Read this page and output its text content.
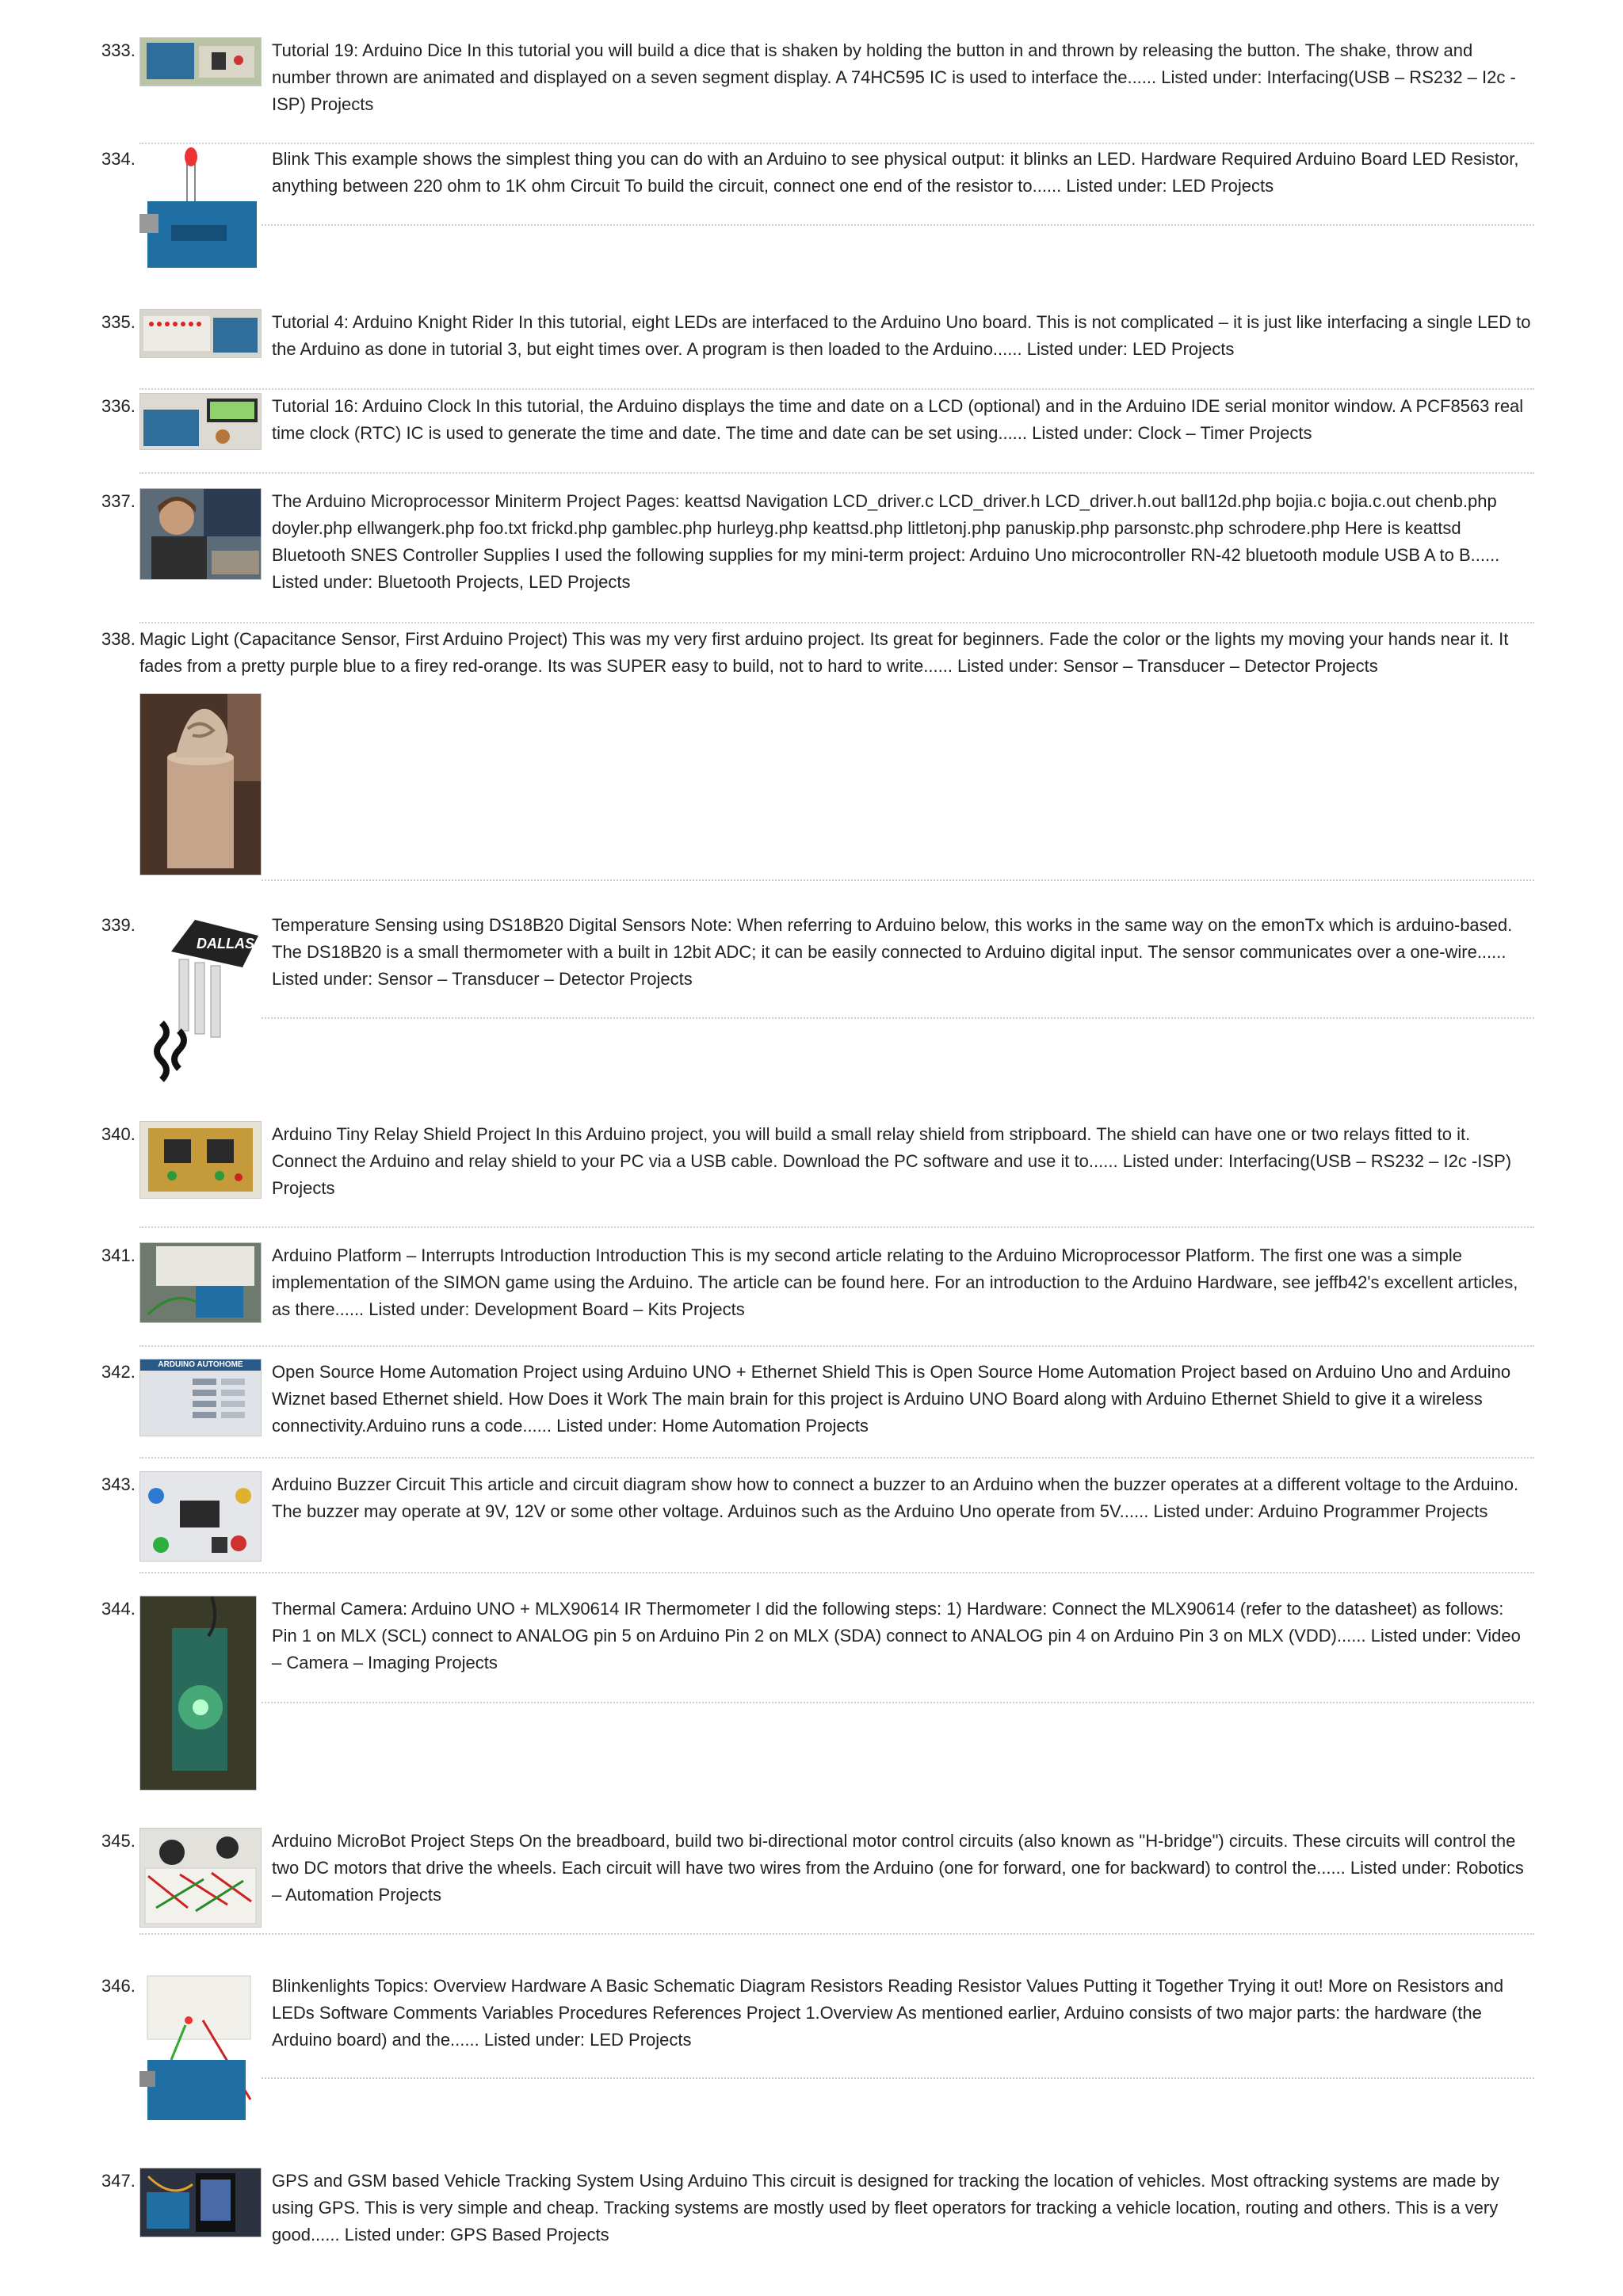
333.	Tutorial 19: Arduino Dice In this tutorial you will build a dice that is shaken by holding the button in and thrown by releasing the button. The shake, throw and number thrown are animated and displayed on a seven segment display. A 74HC595 IC is used to interface the...... Listed under: Interfacing(USB – RS232 – I2c -ISP) Projects
334.	Blink This example shows the simplest thing you can do with an Arduino to see physical output: it blinks an LED. Hardware Required Arduino Board LED Resistor, anything between 220 ohm to 1K ohm Circuit To build the circuit, connect one end of the resistor to...... Listed under: LED Projects
335.	Tutorial 4: Arduino Knight Rider In this tutorial, eight LEDs are interfaced to the Arduino Uno board. This is not complicated – it is just like interfacing a single LED to the Arduino as done in tutorial 3, but eight times over. A program is then loaded to the Arduino...... Listed under: LED Projects
336.	Tutorial 16: Arduino Clock In this tutorial, the Arduino displays the time and date on a LCD (optional) and in the Arduino IDE serial monitor window. A PCF8563 real time clock (RTC) IC is used to generate the time and date. The time and date can be set using...... Listed under: Clock – Timer Projects
337.	The Arduino Microprocessor Miniterm Project Pages: keattsd Navigation LCD_driver.c LCD_driver.h LCD_driver.h.out ball12d.php bojia.c bojia.c.out chenb.php doyler.php ellwangerk.php foo.txt frickd.php gamblec.php hurleyg.php keattsd.php littletonj.php panuskip.php parsonstc.php schrodere.php Here is keattsd Bluetooth SNES Controller Supplies I used the following supplies for my mini-term project: Arduino Uno microcontroller RN-42 bluetooth module USB A to B...... Listed under: Bluetooth Projects, LED Projects
338. Magic Light (Capacitance Sensor, First Arduino Project) This was my very first arduino project. Its great for beginners. Fade the color or the lights my moving your hands near it. It fades from a pretty purple blue to a firey red-orange. Its was SUPER easy to build, not to hard to write...... Listed under: Sensor – Transducer – Detector Projects
339.
DALLAS
Temperature Sensing using DS18B20 Digital Sensors Note: When referring to Arduino below, this works in the same way on the emonTx which is arduino-based. The DS18B20 is a small thermometer with a built in 12bit ADC; it can be easily connected to Arduino digital input. The sensor communicates over a one-wire...... Listed under: Sensor – Transducer – Detector Projects
340.	Arduino Tiny Relay Shield Project In this Arduino project, you will build a small relay shield from stripboard. The shield can have one or two relays fitted to it. Connect the Arduino and relay shield to your PC via a USB cable. Download the PC software and use it to...... Listed under: Interfacing(USB – RS232 – I2c -ISP) Projects
341.	Arduino Platform – Interrupts Introduction Introduction This is my second article relating to the Arduino Microprocessor Platform. The first one was a simple implementation of the SIMON game using the Arduino. The article can be found here. For an introduction to the Arduino Hardware, see jeffb42's excellent articles, as there...... Listed under: Development Board – Kits Projects
342.	ARDUINO AUTOHOME	Open Source Home Automation Project using Arduino UNO + Ethernet Shield This is Open Source Home Automation Project based on Arduino Uno and Arduino Wiznet based Ethernet shield. How Does it Work The main brain for this project is Arduino UNO Board along with Arduino Ethernet Shield to give it a wireless connectivity.Arduino runs a code...... Listed under: Home Automation Projects
343.	Arduino Buzzer Circuit This article and circuit diagram show how to connect a buzzer to an Arduino when the buzzer operates at a different voltage to the Arduino. The buzzer may operate at 9V, 12V or some other voltage. Arduinos such as the Arduino Uno operate from 5V...... Listed under: Arduino Programmer Projects
344.	Thermal Camera: Arduino UNO + MLX90614 IR Thermometer I did the following steps: 1) Hardware: Connect the MLX90614 (refer to the datasheet) as follows: Pin 1 on MLX (SCL) connect to ANALOG pin 5 on Arduino Pin 2 on MLX (SDA) connect to ANALOG pin 4 on Arduino Pin 3 on MLX (VDD)...... Listed under: Video – Camera – Imaging Projects
345.	Arduino MicroBot Project Steps On the breadboard, build two bi-directional motor control circuits (also known as "H-bridge") circuits. These circuits will control the two DC motors that drive the wheels. Each circuit will have two wires from the Arduino (one for forward, one for backward) to control the...... Listed under: Robotics – Automation Projects
346.	Blinkenlights Topics: Overview Hardware A Basic Schematic Diagram Resistors Reading Resistor Values Putting it Together Trying it out! More on Resistors and LEDs Software Comments Variables Procedures References Project 1.Overview As mentioned earlier, Arduino consists of two major parts: the hardware (the Arduino board) and the...... Listed under: LED Projects
347.	GPS and GSM based Vehicle Tracking System Using Arduino This circuit is designed for tracking the location of vehicles. Most oftracking systems are made by using GPS. This is very simple and cheap. Tracking systems are mostly used by fleet operators for tracking a vehicle location, routing and others. This is a very good...... Listed under: GPS Based Projects
